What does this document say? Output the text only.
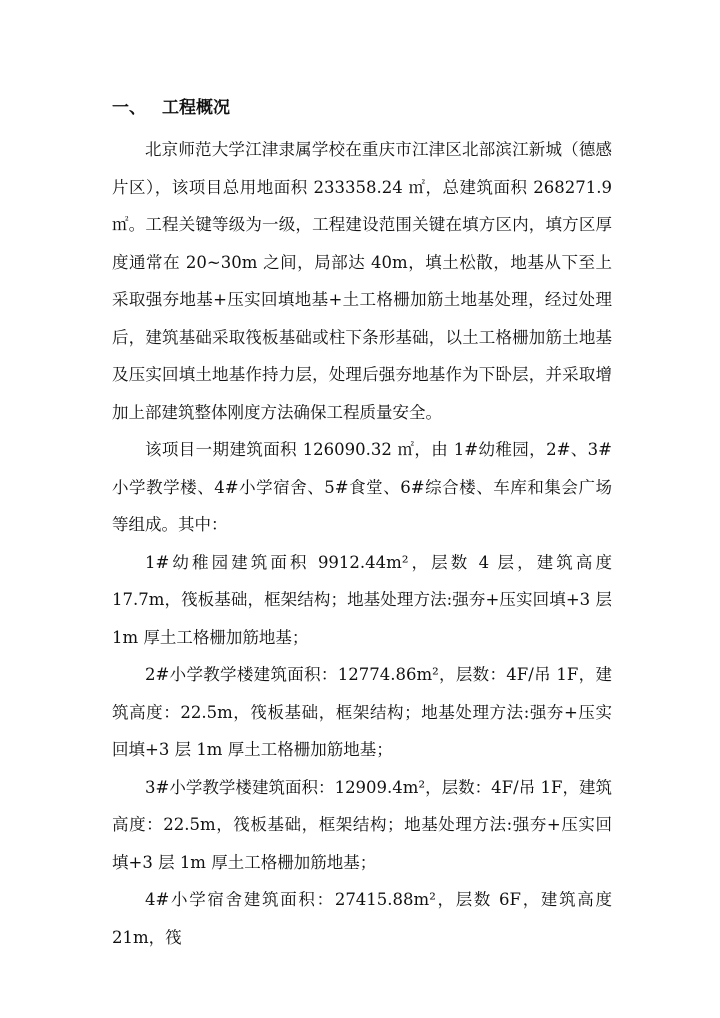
一、 工程概况

北京师范大学江津隶属学校在重庆市江津区北部滨江新城（德感片区），该项目总用地面积 233358.24 ㎡，总建筑面积 268271.9㎡。工程关键等级为一级，工程建设范围关键在填方区内，填方区厚度通常在 20~30m 之间，局部达 40m，填土松散，地基从下至上采取强夯地基+压实回填地基+土工格栅加筋土地基处理，经过处理后，建筑基础采取筏板基础或柱下条形基础，以土工格栅加筋土地基及压实回填土地基作持力层，处理后强夯地基作为下卧层，并采取增加上部建筑整体刚度方法确保工程质量安全。

该项目一期建筑面积 126090.32 ㎡，由 1#幼稚园，2#、3#小学教学楼、4#小学宿舍、5#食堂、6#综合楼、车库和集会广场等组成。其中：

1#幼稚园建筑面积 9912.44m²，层数 4 层，建筑高度 17.7m，筏板基础，框架结构；地基处理方法:强夯+压实回填+3 层 1m 厚土工格栅加筋地基；

2#小学教学楼建筑面积：12774.86m²，层数：4F/吊 1F，建筑高度：22.5m，筏板基础，框架结构；地基处理方法:强夯+压实回填+3 层 1m 厚土工格栅加筋地基；

3#小学教学楼建筑面积：12909.4m²，层数：4F/吊 1F，建筑高度：22.5m，筏板基础，框架结构；地基处理方法:强夯+压实回填+3 层 1m 厚土工格栅加筋地基；

4#小学宿舍建筑面积：27415.88m²，层数 6F，建筑高度 21m，筏
